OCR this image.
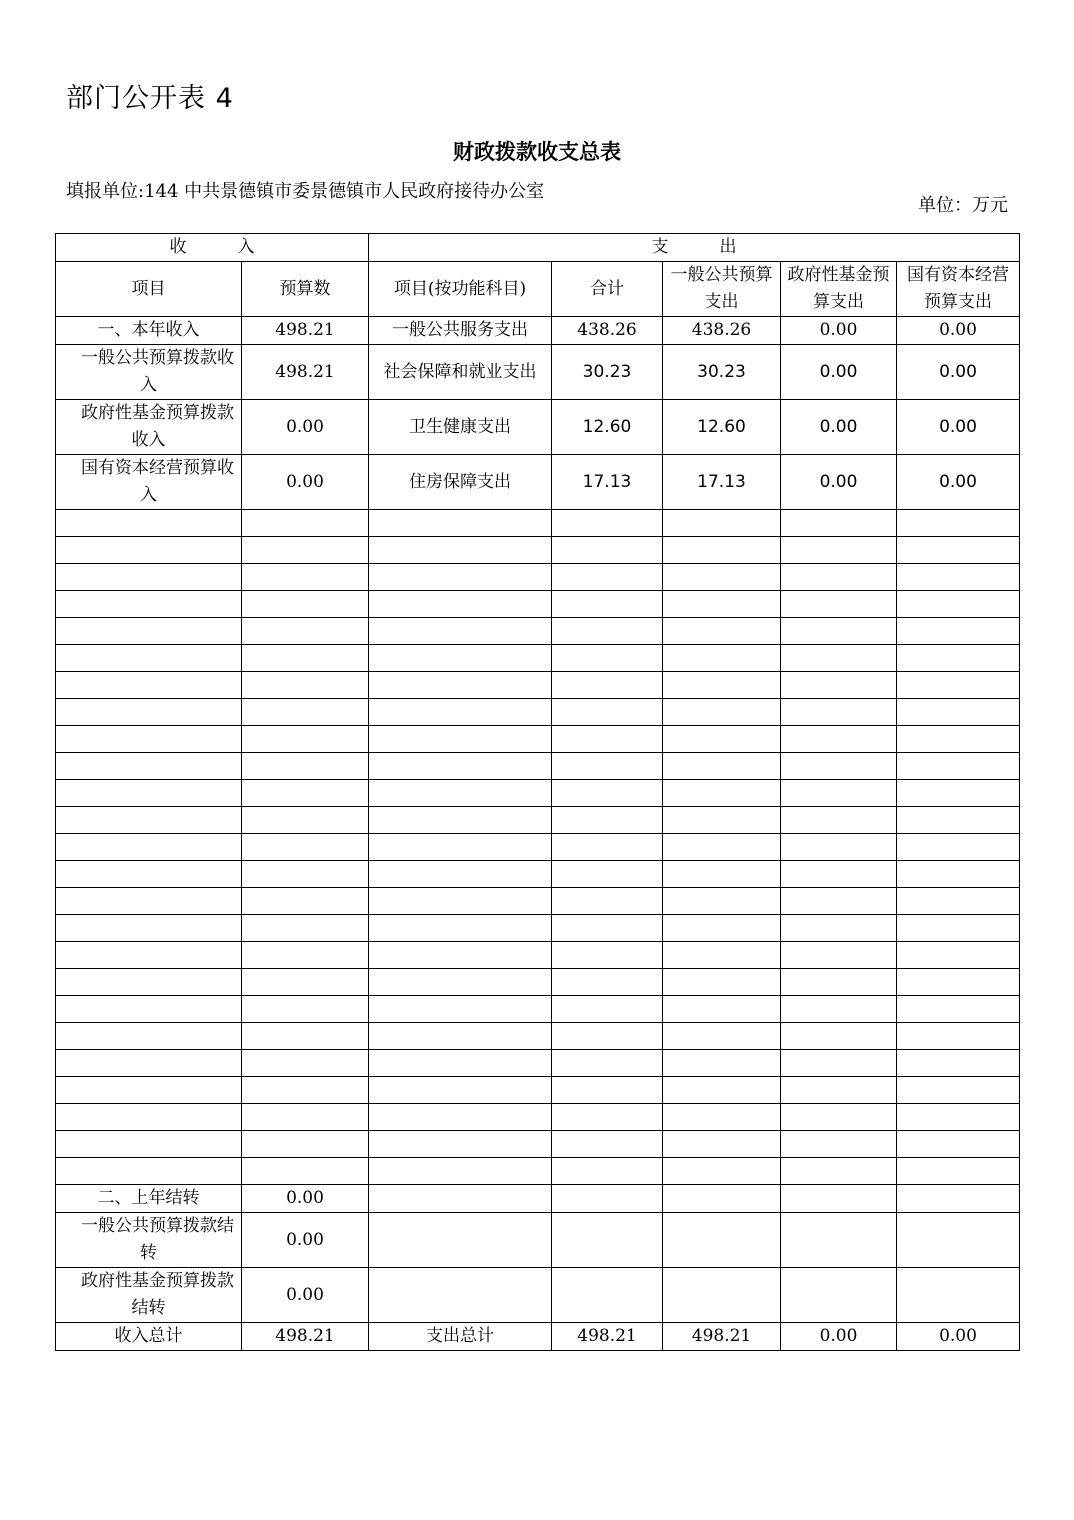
部门公开表 4
财政拨款收支总表
填报单位:144 中共景德镇市委景德镇市人民政府接待办公室
单位：万元
收　　　入		支　　　出				
项目	预算数	项目(按功能科目)	合计	一般公共预算支出	政府性基金预算支出	国有资本经营预算支出
一、本年收入	498.21	一般公共服务支出	438.26	438.26	0.00	0.00
一般公共预算拨款收入	498.21	社会保障和就业支出	30.23	30.23	0.00	0.00
政府性基金预算拨款收入	0.00	卫生健康支出	12.60	12.60	0.00	0.00
国有资本经营预算收入	0.00	住房保障支出	17.13	17.13	0.00	0.00

二、上年结转	0.00					
一般公共预算拨款结转	0.00					
政府性基金预算拨款结转	0.00					
收入总计	498.21	支出总计	498.21	498.21	0.00	0.00
